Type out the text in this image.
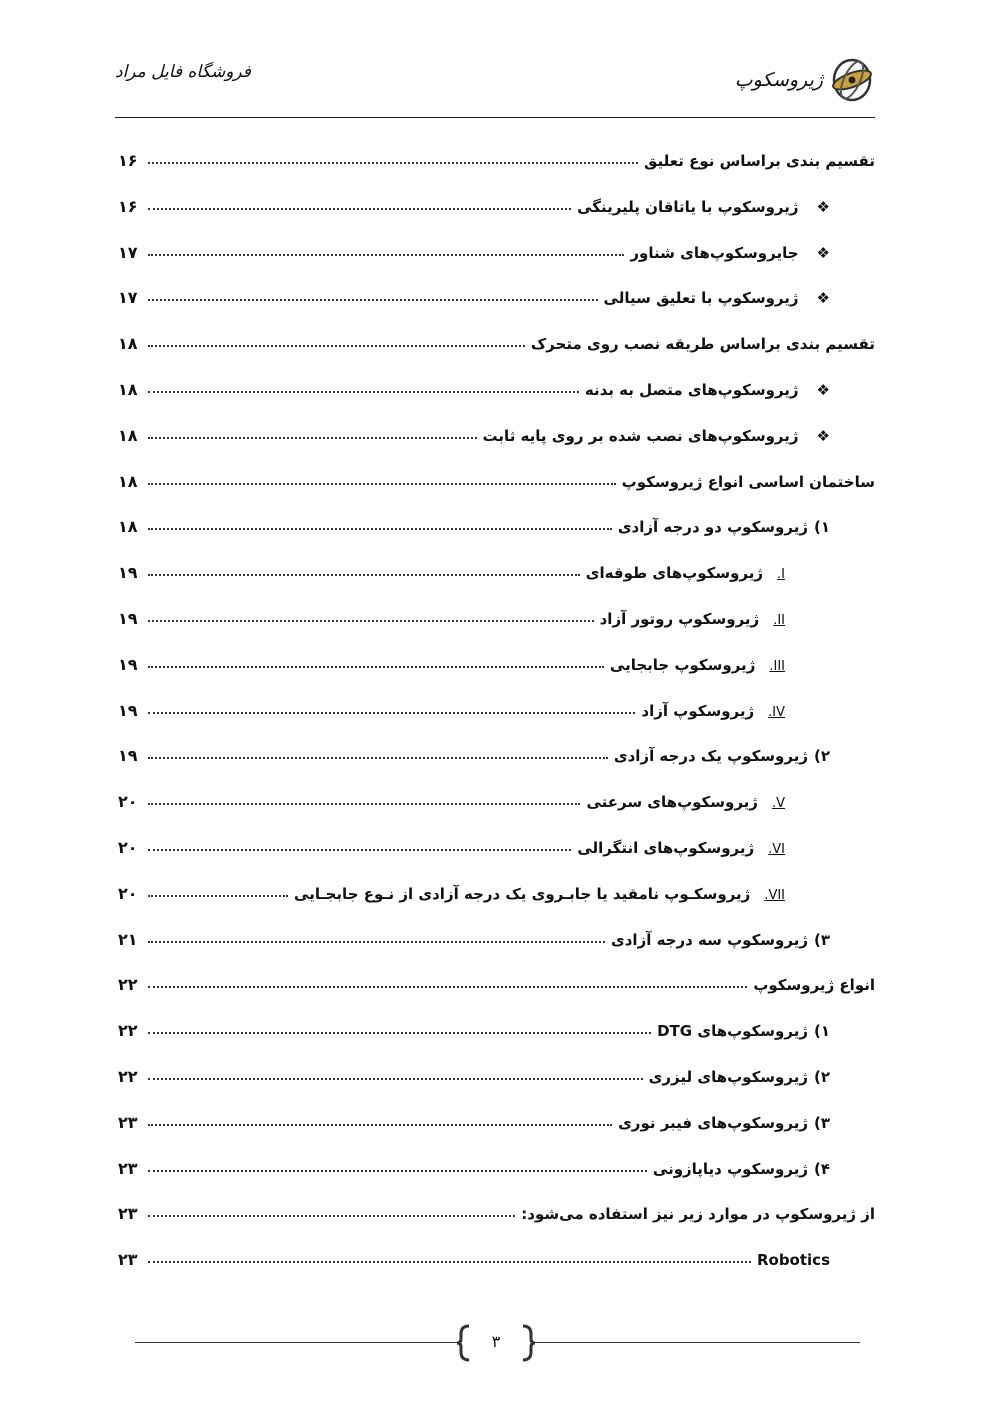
فروشگاه فایل مراد	ژیروسکوپ
تقسیم بندی براساس نوع تعلیق
۱۶
❖
ژیروسکوپ با یاتاقان پلیرینگی
۱۶
❖
جایروسکوپ‌های شناور
۱۷
❖
ژیروسکوپ با تعلیق سیالی
۱۷
تقسیم بندی براساس طریقه نصب روی متحرک
۱۸
❖
ژیروسکوپ‌های متصل به بدنه
۱۸
❖
ژیروسکوپ‌های نصب شده بر روی پایه ثابت
۱۸
ساختمان اساسی انواع ژیروسکوپ
۱۸
۱)
ژیروسکوپ دو درجه آزادی
۱۸
I.
ژیروسکوپ‌های طوقه‌ای
۱۹
II.
ژیروسکوپ روتور آزاد
۱۹
III.
ژیروسکوپ جابجایی
۱۹
IV.
ژیروسکوپ آزاد
۱۹
۲)
ژیروسکوپ یک درجه آزادی
۱۹
V.
ژیروسکوپ‌های سرعتی
۲۰
VI.
ژیروسکوپ‌های انتگرالی
۲۰
VII.
ژیروسکـوپ نامقید یا جابـروی یک درجه آزادی از نـوع جابجـایی
۲۰
۳)
ژیروسکوپ سه درجه آزادی
۲۱
انواع ژیروسکوپ
۲۲
۱)
ژیروسکوپ‌های DTG
۲۲
۲)
ژیروسکوپ‌های لیزری
۲۲
۳)
ژیروسکوپ‌های فیبر نوری
۲۳
۴)
ژیروسکوپ دیاپازونی
۲۳
از ژیروسکوپ در موارد زیر نیز استفاده می‌شود:
۲۳
Robotics
۲۳
۳
